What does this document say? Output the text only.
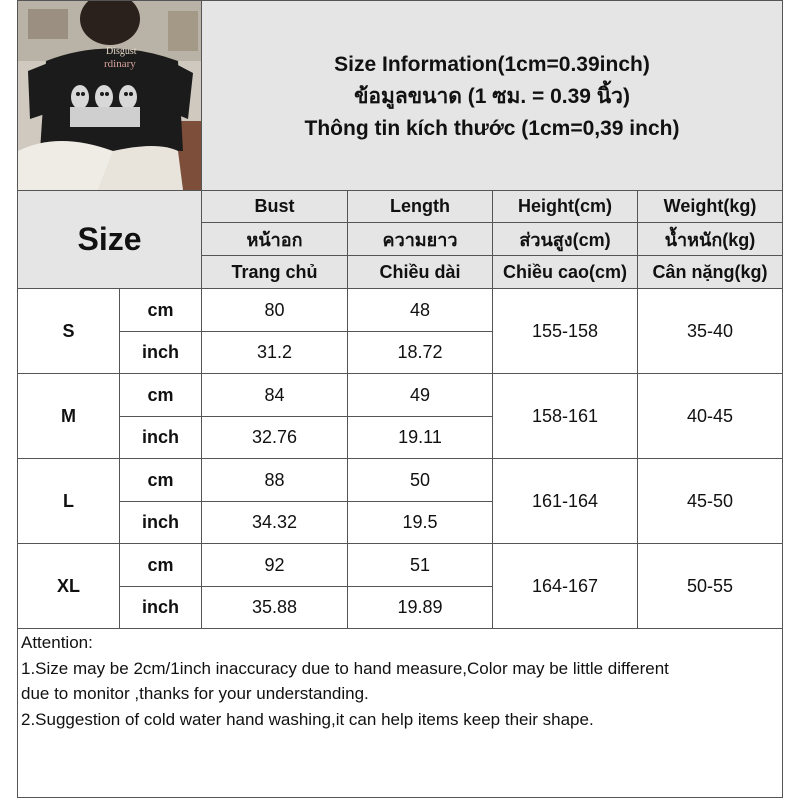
Disgust
rdinary	Size Information(1cm=0.39inch)
ข้อมูลขนาด (1 ซม. = 0.39 นิ้ว)
Thông tin kích thước (1cm=0,39 inch)
Size
Bust	Length	Height(cm)	Weight(kg)
หน้าอก	ความยาว	ส่วนสูง(cm)	น้ำหนัก(kg)
Trang chủ	Chiều dài	Chiều cao(cm)	Cân nặng(kg)
S
cm	80	48
inch	31.2	18.72
155-158	35-40
M
cm	84	49
inch	32.76	19.11
158-161	40-45
L
cm	88	50
inch	34.32	19.5
161-164	45-50
XL
cm	92	51
inch	35.88	19.89
164-167	50-55
Attention:
1.Size may be 2cm/1inch inaccuracy due to hand measure,Color may be little different
due to monitor ,thanks for your understanding.
2.Suggestion of cold water hand washing,it can help items keep their shape.
